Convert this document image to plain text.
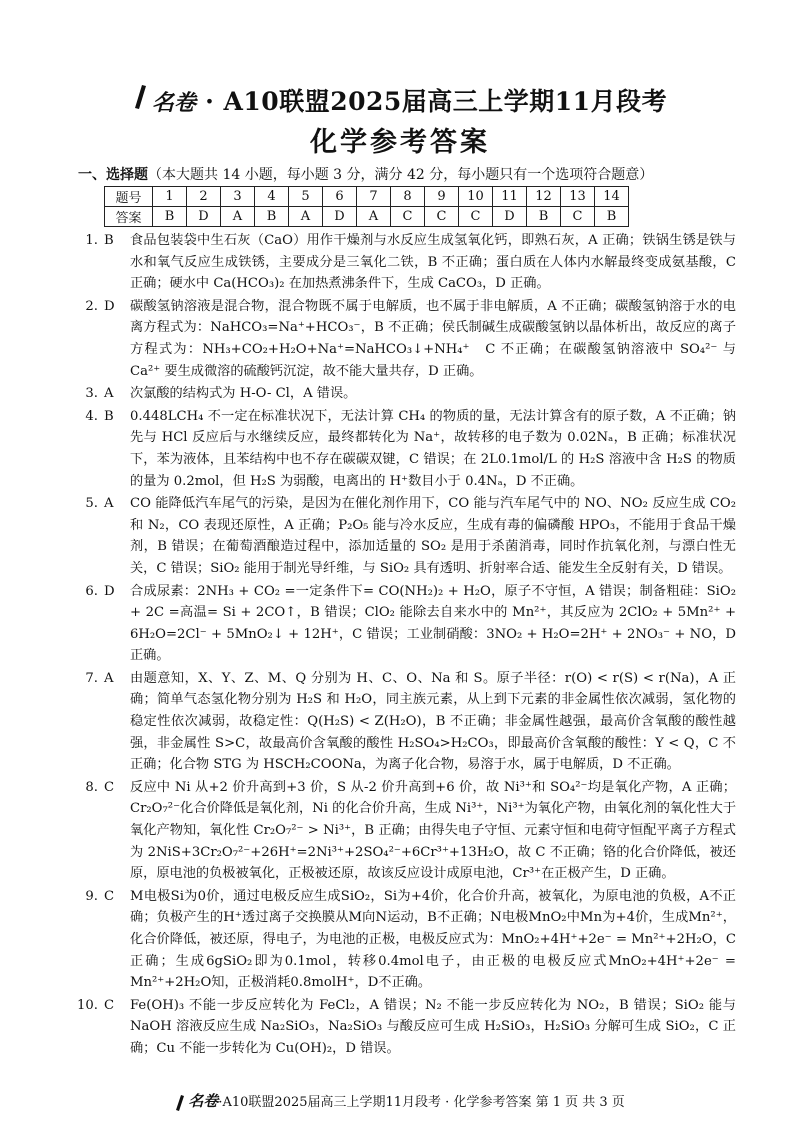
名卷 · A10联盟2025届高三上学期11月段考
化学参考答案
一、选择题（本大题共 14 小题，每小题 3 分，满分 42 分，每小题只有一个选项符合题意）
题号	1	2	3	4	5	6	7	8	9	10	11	12	13	14
答案	B	D	A	B	A	D	A	C	C	C	D	B	C	B
1. B 食品包装袋中生石灰（CaO）用作干燥剂与水反应生成氢氧化钙，即熟石灰，A 正确；铁锅生锈是铁与水和氧气反应生成铁锈，主要成分是三氧化二铁，B 不正确；蛋白质在人体内水解最终变成氨基酸，C 正确；硬水中 Ca(HCO₃)₂ 在加热煮沸条件下，生成 CaCO₃，D 正确。
2. D 碳酸氢钠溶液是混合物，混合物既不属于电解质，也不属于非电解质，A 不正确；碳酸氢钠溶于水的电离方程式为：NaHCO₃=Na⁺+HCO₃⁻，B 不正确；侯氏制碱生成碳酸氢钠以晶体析出，故反应的离子方程式为：NH₃+CO₂+H₂O+Na⁺=NaHCO₃↓+NH₄⁺　C 不正确；在碳酸氢钠溶液中 SO₄²⁻ 与 Ca²⁺ 要生成微溶的硫酸钙沉淀，故不能大量共存，D 正确。
3. A 次氯酸的结构式为 H-O- Cl，A 错误。
4. B 0.448LCH₄ 不一定在标准状况下，无法计算 CH₄ 的物质的量，无法计算含有的原子数，A 不正确；钠先与 HCl 反应后与水继续反应，最终都转化为 Na⁺，故转移的电子数为 0.02Nₐ，B 正确；标准状况下，苯为液体，且苯结构中也不存在碳碳双键，C 错误；在 2L0.1mol/L 的 H₂S 溶液中含 H₂S 的物质的量为 0.2mol，但 H₂S 为弱酸，电离出的 H⁺数目小于 0.4Nₐ，D 不正确。
5. A CO 能降低汽车尾气的污染，是因为在催化剂作用下，CO 能与汽车尾气中的 NO、NO₂ 反应生成 CO₂ 和 N₂，CO 表现还原性，A 正确；P₂O₅ 能与冷水反应，生成有毒的偏磷酸 HPO₃，不能用于食品干燥剂，B 错误；在葡萄酒酿造过程中，添加适量的 SO₂ 是用于杀菌消毒，同时作抗氧化剂，与漂白性无关，C 错误；SiO₂ 能用于制光导纤维，与 SiO₂ 具有透明、折射率合适、能发生全反射有关，D 错误。
6. D 合成尿素：2NH₃ + CO₂ =一定条件下= CO(NH₂)₂ + H₂O，原子不守恒，A 错误；制备粗硅：SiO₂ + 2C =高温= Si + 2CO↑，B 错误；ClO₂ 能除去自来水中的 Mn²⁺，其反应为 2ClO₂ + 5Mn²⁺ + 6H₂O=2Cl⁻ + 5MnO₂↓ + 12H⁺，C 错误；工业制硝酸：3NO₂ + H₂O=2H⁺ + 2NO₃⁻ + NO，D 正确。
7. A 由题意知，X、Y、Z、M、Q 分别为 H、C、O、Na 和 S。原子半径：r(O) < r(S) < r(Na)，A 正确；简单气态氢化物分别为 H₂S 和 H₂O，同主族元素，从上到下元素的非金属性依次减弱，氢化物的稳定性依次减弱，故稳定性：Q(H₂S) < Z(H₂O)，B 不正确；非金属性越强，最高价含氧酸的酸性越强，非金属性 S>C，故最高价含氧酸的酸性 H₂SO₄>H₂CO₃，即最高价含氧酸的酸性：Y < Q，C 不正确；化合物 STG 为 HSCH₂COONa，为离子化合物，易溶于水，属于电解质，D 不正确。
8. C 反应中 Ni 从+2 价升高到+3 价，S 从-2 价升高到+6 价，故 Ni³⁺和 SO₄²⁻均是氧化产物，A 正确；Cr₂O₇²⁻化合价降低是氧化剂，Ni 的化合价升高，生成 Ni³⁺，Ni³⁺为氧化产物，由氧化剂的氧化性大于氧化产物知，氧化性 Cr₂O₇²⁻ > Ni³⁺，B 正确；由得失电子守恒、元素守恒和电荷守恒配平离子方程式为 2NiS+3Cr₂O₇²⁻+26H⁺=2Ni³⁺+2SO₄²⁻+6Cr³⁺+13H₂O，故 C 不正确；铬的化合价降低，被还原，原电池的负极被氧化，正极被还原，故该反应设计成原电池，Cr³⁺在正极产生，D 正确。
9. C M电极Si为0价，通过电极反应生成SiO₂，Si为+4价，化合价升高，被氧化，为原电池的负极，A不正确；负极产生的H⁺透过离子交换膜从M向N运动，B不正确；N电极MnO₂中Mn为+4价，生成Mn²⁺，化合价降低，被还原，得电子，为电池的正极，电极反应式为：MnO₂+4H⁺+2e⁻ = Mn²⁺+2H₂O，C正确；生成6gSiO₂即为0.1mol，转移0.4mol电子，由正极的电极反应式MnO₂+4H⁺+2e⁻ = Mn²⁺+2H₂O知，正极消耗0.8molH⁺，D不正确。
10. C Fe(OH)₃ 不能一步反应转化为 FeCl₂，A 错误；N₂ 不能一步反应转化为 NO₂，B 错误；SiO₂ 能与 NaOH 溶液反应生成 Na₂SiO₃，Na₂SiO₃ 与酸反应可生成 H₂SiO₃，H₂SiO₃ 分解可生成 SiO₂，C 正确；Cu 不能一步转化为 Cu(OH)₂，D 错误。
名卷·A10联盟2025届高三上学期11月段考 · 化学参考答案 第 1 页 共 3 页
